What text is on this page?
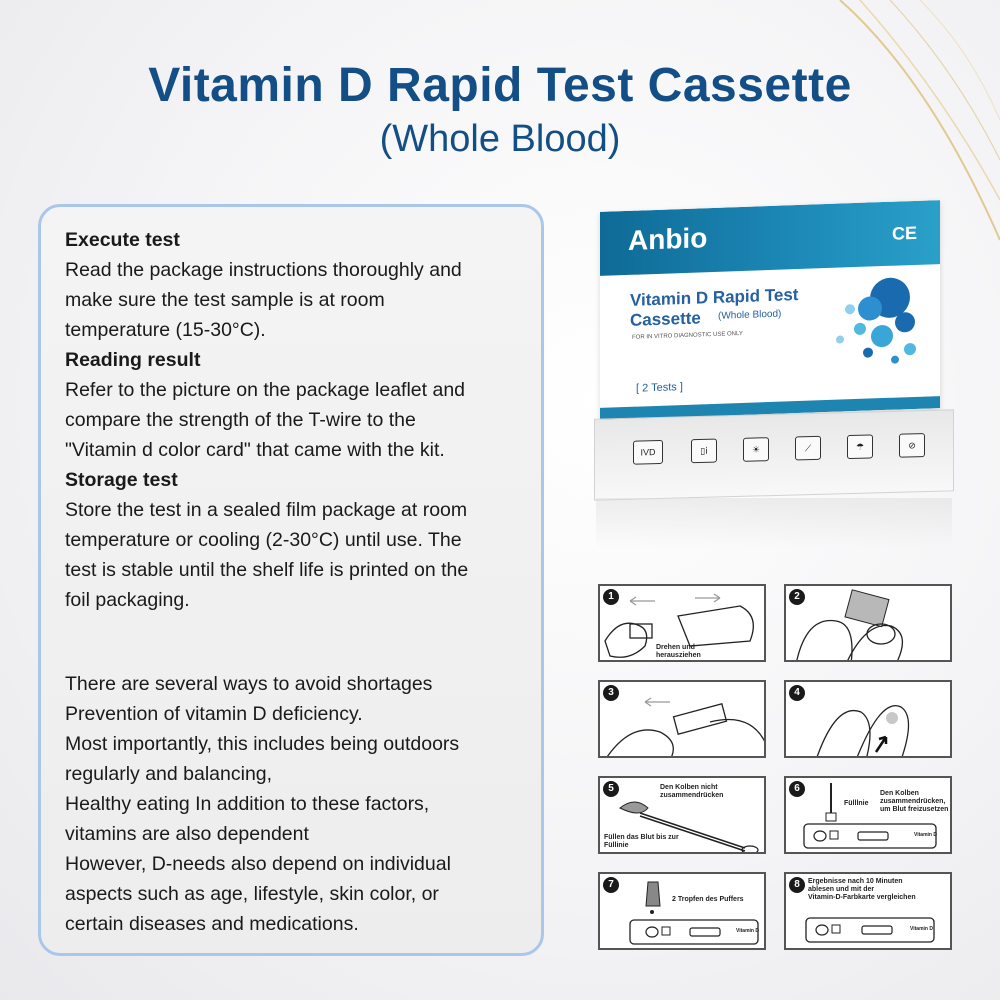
Vitamin D Rapid Test Cassette
(Whole Blood)

Execute test

Read the package instructions thoroughly and

make sure the test sample is at room

temperature (15-30°C).

Reading result

Refer to the picture on the package leaflet and

compare the strength of the T-wire to the

"Vitamin d color card" that came with the kit.

Storage test

Store the test in a sealed film package at room

temperature or cooling (2-30°C) until use. The

test is stable until the shelf life is printed on the

foil packaging.

There are several ways to avoid shortages

Prevention of vitamin D deficiency.

Most importantly, this includes being outdoors

regularly and balancing,

Healthy eating In addition to these factors,

vitamins are also dependent

However, D-needs also depend on individual

aspects such as age, lifestyle, skin color, or

certain diseases and medications.

Anbio	CE
Vitamin D Rapid Test
Cassette	(Whole Blood)
FOR IN VITRO DIAGNOSTIC USE ONLY
[ 2 Tests ]
IVD	▯ⅰ	☀	⟋	☂	⊘
1
Drehen und
herausziehen
2
3	4
5	Den Kolben nicht
zusammendrücken
Füllen das Blut bis zur
Füllinie
6
Fülllnie
Den Kolben
zusammendrücken,
um Blut freizusetzen
Vitamin D
7
2 Tropfen des Puffers
Vitamin D
8	Ergebnisse nach 10 Minuten
ablesen und mit der
Vitamin-D-Farbkarte vergleichen
Vitamin D
